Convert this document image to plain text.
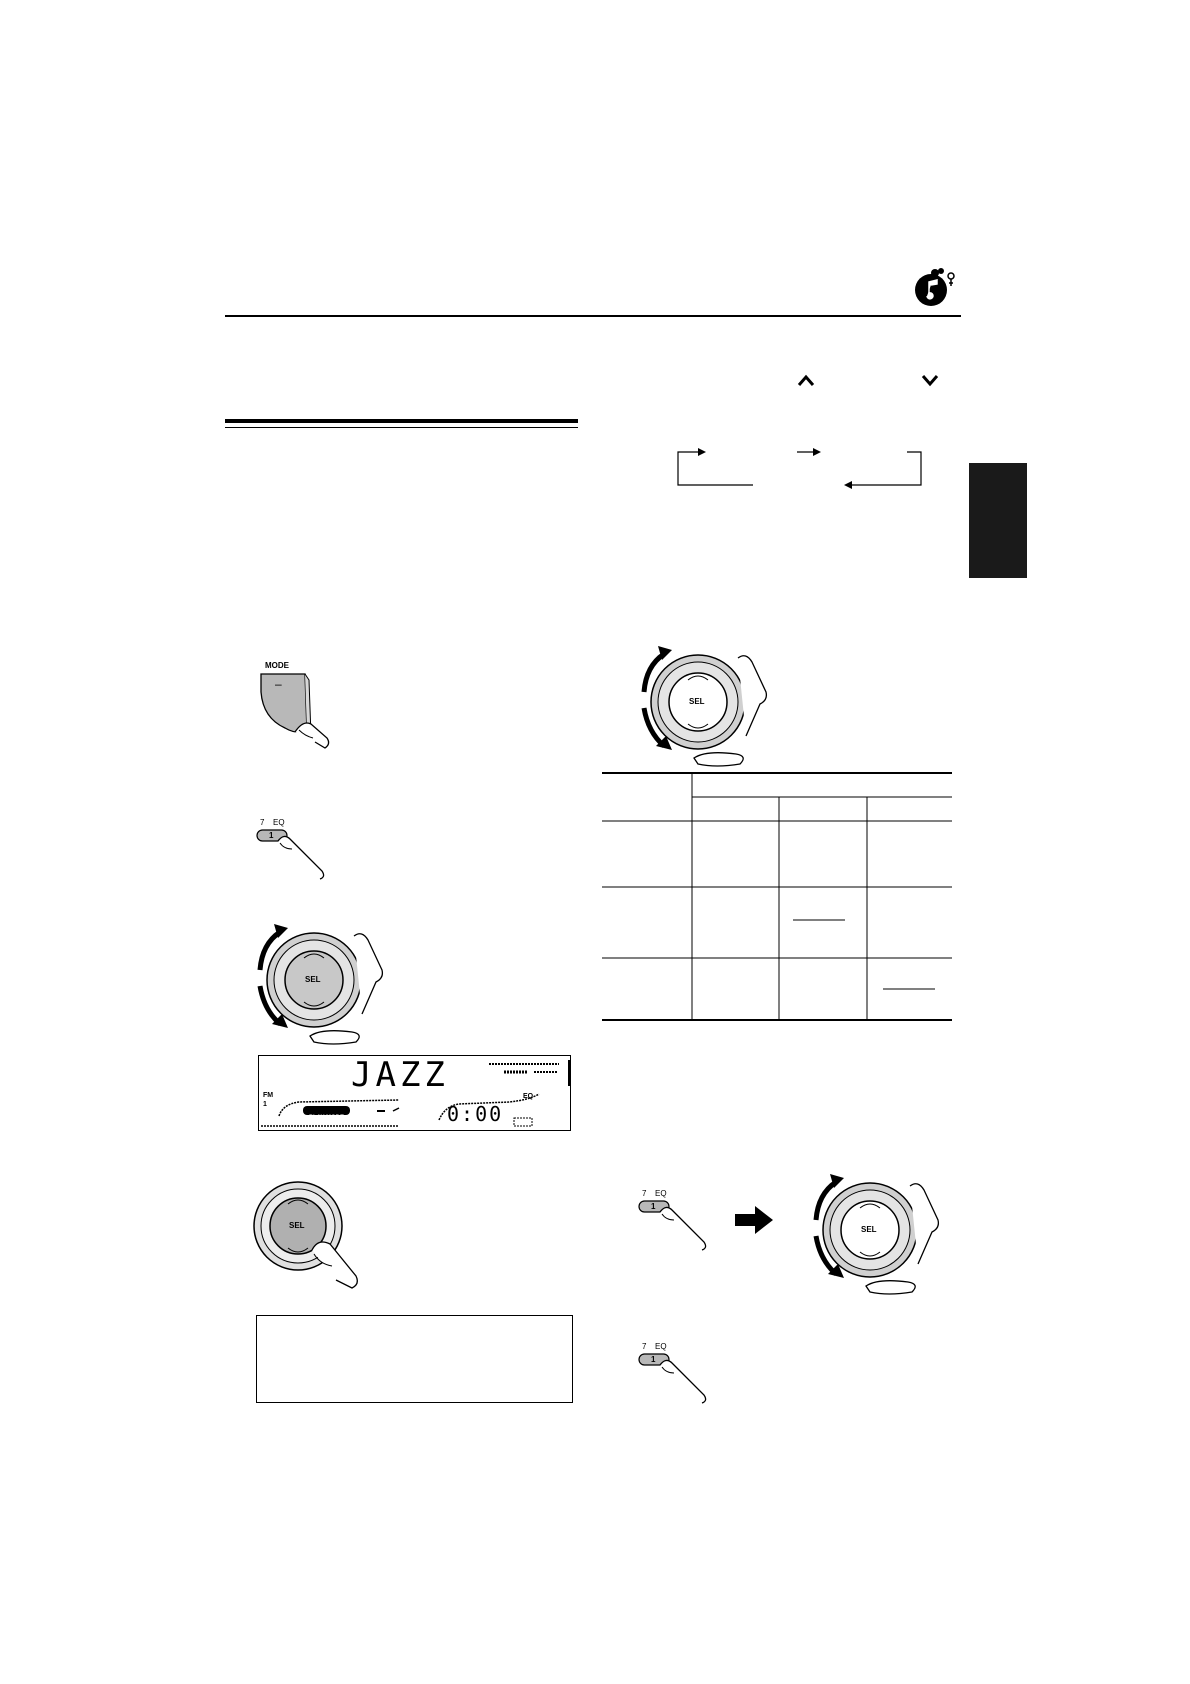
MODE
–
7 EQ
1
SEL
JAZZ
FM
1
PLAY MODE
EQ
0:00
SEL
SEL
7 EQ
1
SEL
7 EQ
1
